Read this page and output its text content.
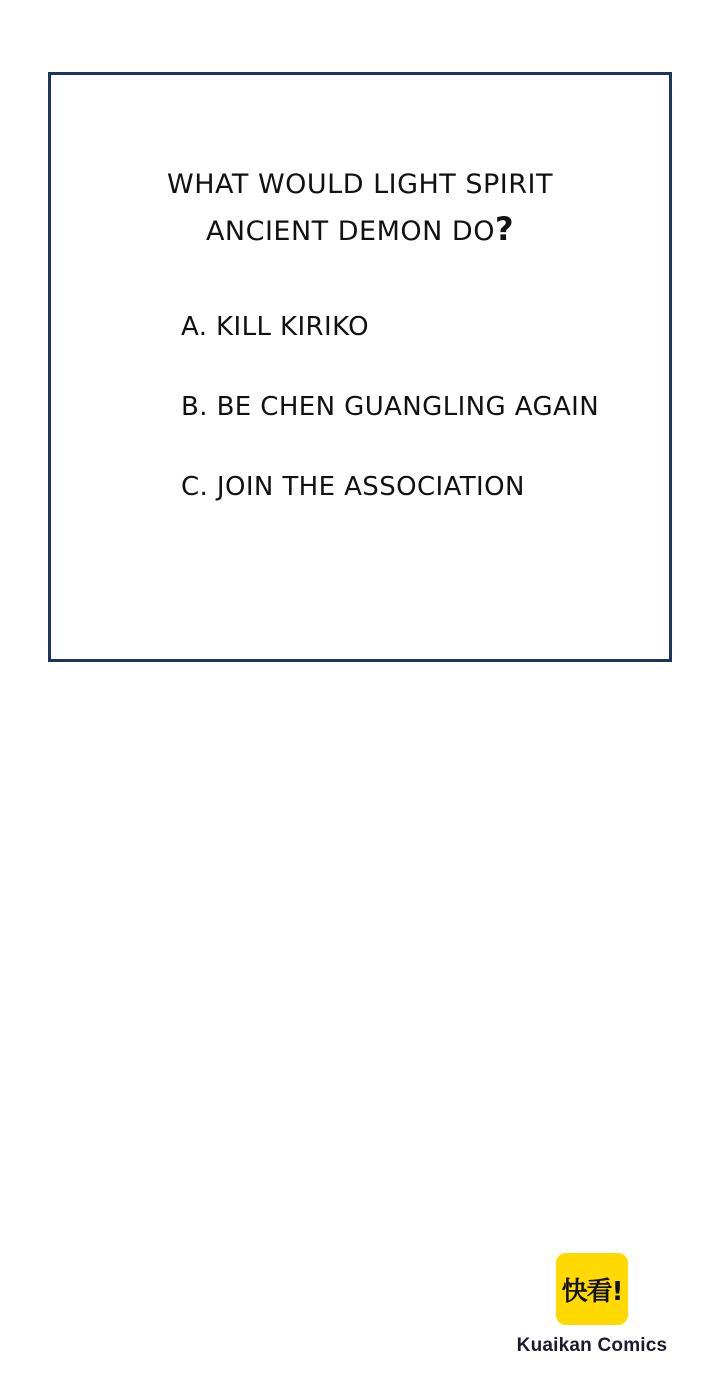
WHAT WOULD LIGHT SPIRIT
ANCIENT DEMON DO?
A. KILL KIRIKO
B. BE CHEN GUANGLING AGAIN
C. JOIN THE ASSOCIATION
快看!
Kuaikan Comics
